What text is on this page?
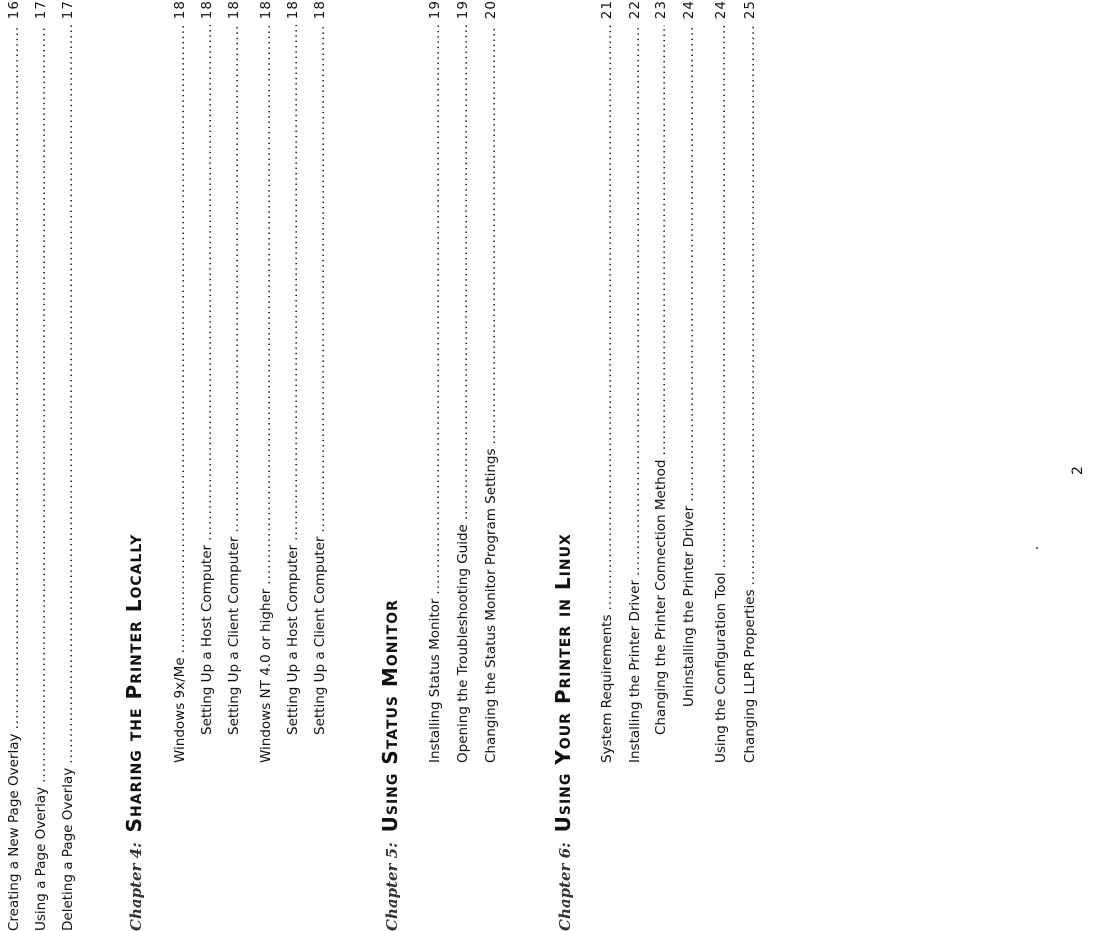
Creating a New Page Overlay
.....
16
Using a Page Overlay
.....
17
Deleting a Page Overlay
.....
17
Chapter 4:
Sharing the Printer Locally Windows 9x/Me
.....
18
Setting Up a Host Computer
.....
18
Setting Up a Client Computer
.....
18
Windows NT 4.0 or higher
.....
18
Setting Up a Host Computer
.....
18
Setting Up a Client Computer
.....
18
Chapter 5:
Using Status Monitor Installing Status Monitor
.....
19
Opening the Troubleshooting Guide
.....
19
Changing the Status Monitor Program Settings
.....
20
Chapter 6:
Using Your Printer in Linux System Requirements
.....
21
Installing the Printer Driver
.....
22
Changing the Printer Connection Method
.....
23
Uninstalling the Printer Driver
.....
24
Using the Configuration Tool
.....
24
Changing LLPR Properties
.....
25
2
